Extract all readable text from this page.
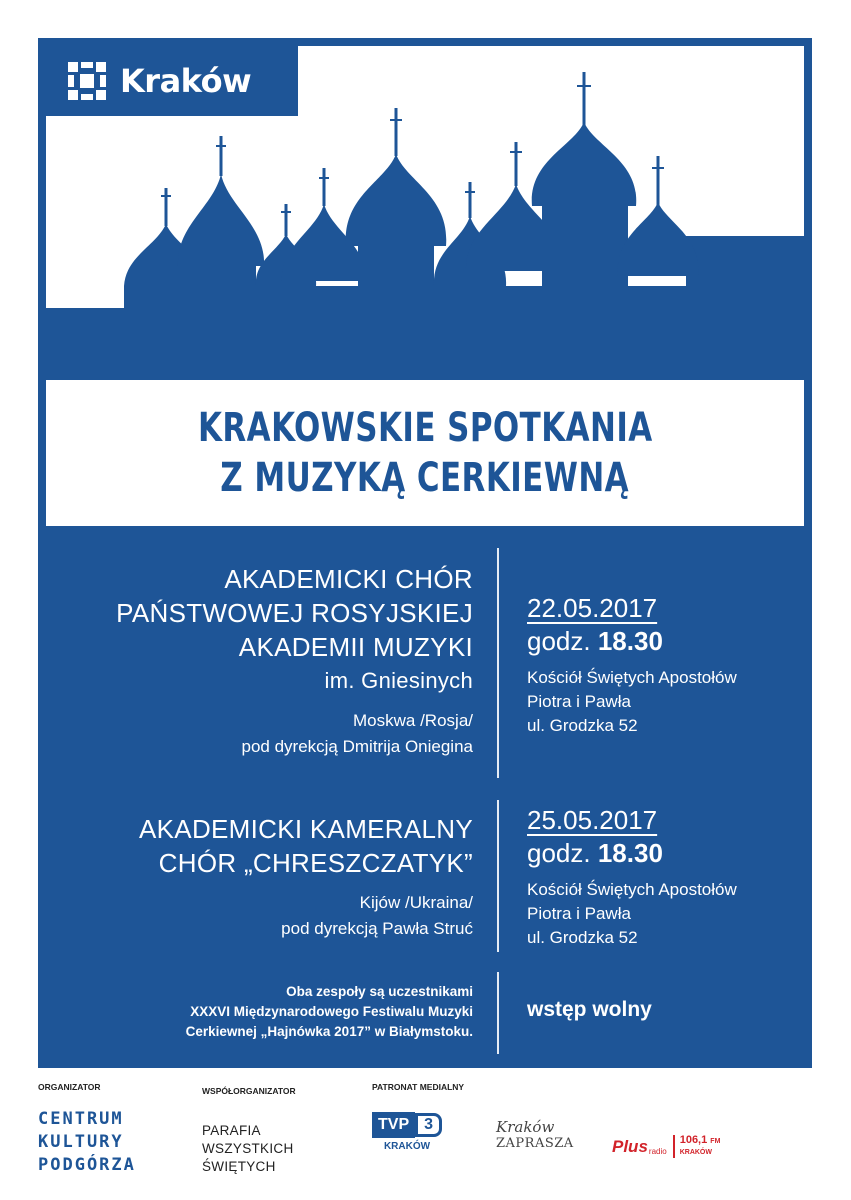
Kraków
KRAKOWSKIE SPOTKANIA
Z MUZYKĄ CERKIEWNĄ
AKADEMICKI CHÓR
PAŃSTWOWEJ ROSYJSKIEJ
AKADEMII MUZYKI
im. Gniesinych
Moskwa /Rosja/
pod dyrekcją Dmitrija Oniegina
22.05.2017
godz. 18.30
Kościół Świętych Apostołów
Piotra i Pawła
ul. Grodzka 52
AKADEMICKI KAMERALNY
CHÓR „CHRESZCZATYK”
Kijów /Ukraina/
pod dyrekcją Pawła Struć
25.05.2017
godz. 18.30
Kościół Świętych Apostołów
Piotra i Pawła
ul. Grodzka 52
Oba zespoły są uczestnikami
XXXVI Międzynarodowego Festiwalu Muzyki
Cerkiewnej „Hajnówka 2017” w Białymstoku.
wstęp wolny
ORGANIZATOR	WSPÓŁORGANIZATOR	PATRONAT MEDIALNY
CENTRUM
KULTURY
PODGÓRZA
PARAFIA
WSZYSTKICH
ŚWIĘTYCH
TVP 3
KRAKÓW
Kraków
ZAPRASZA Plus radio
106,1 FM
KRAKÓW
